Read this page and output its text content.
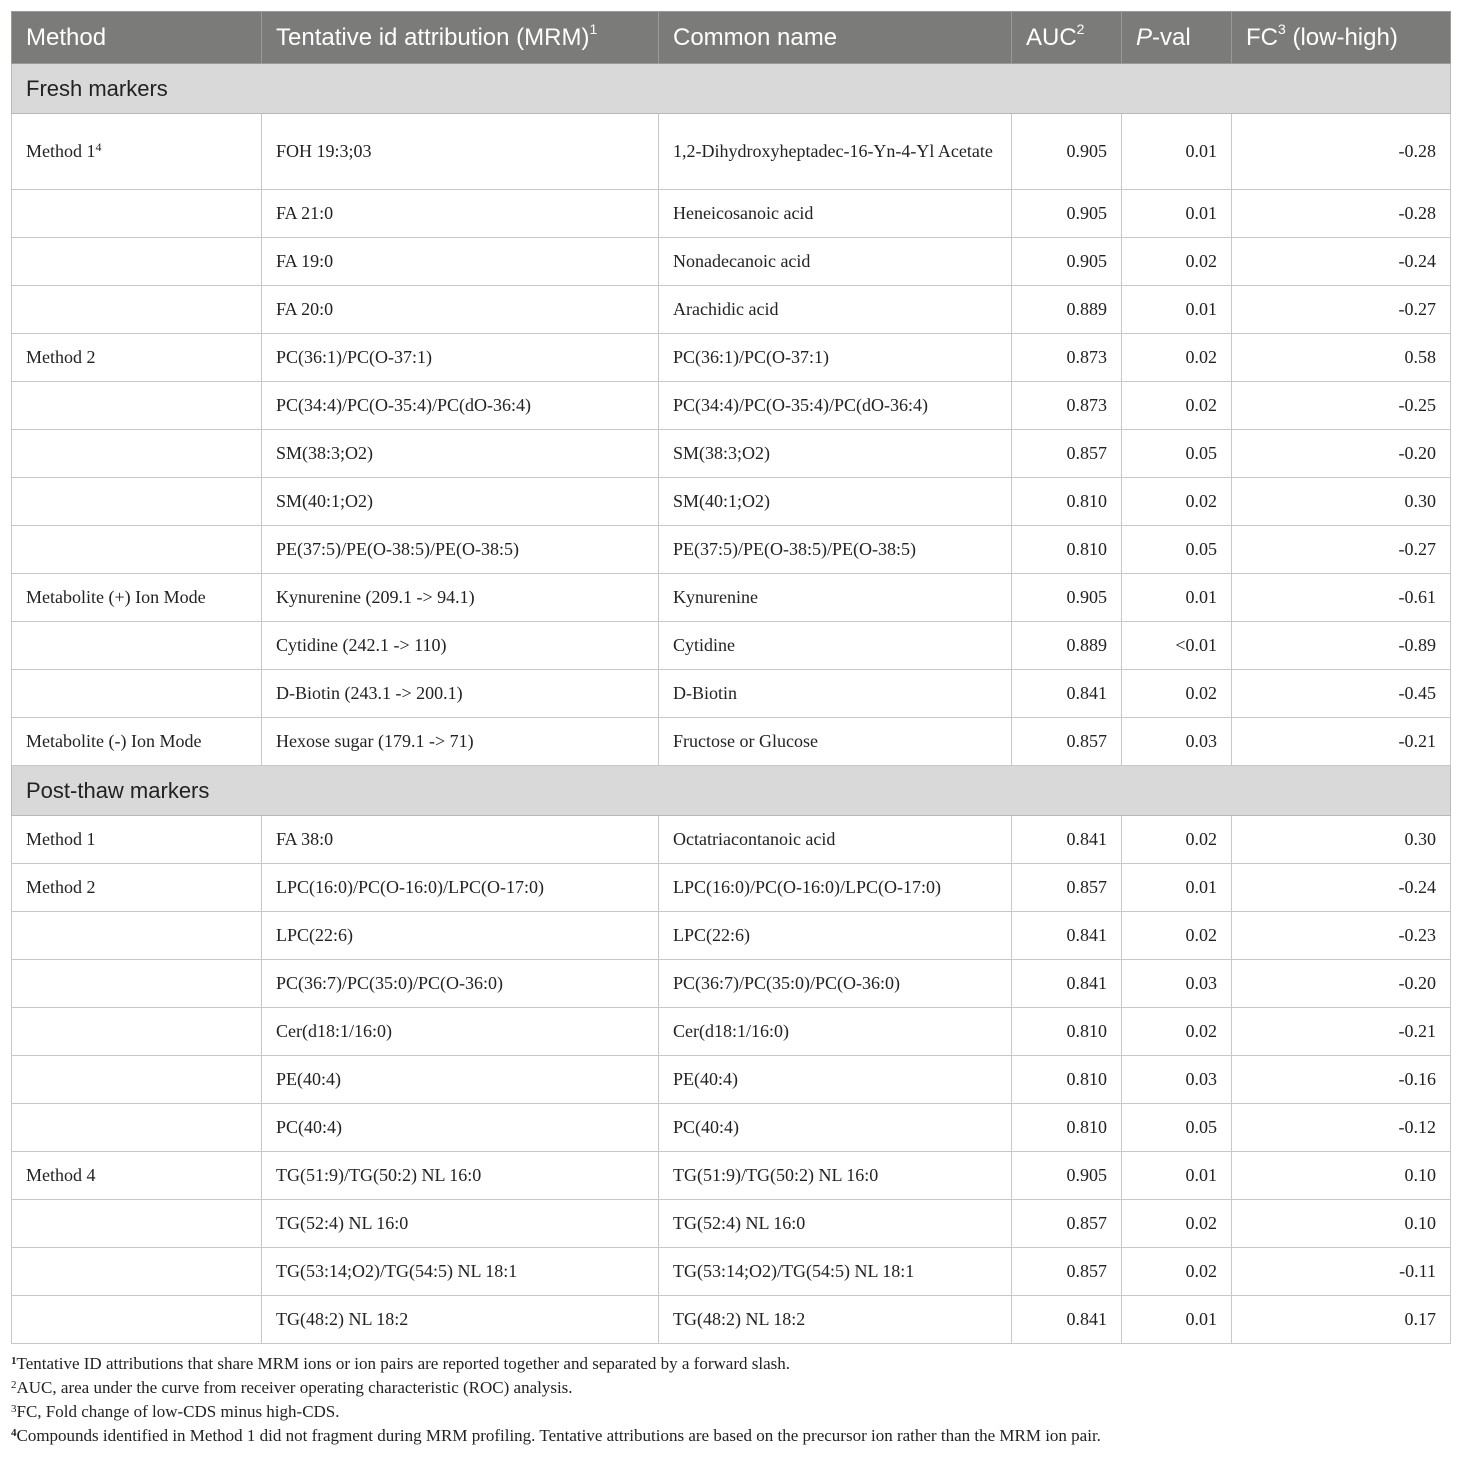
Method	Tentative id attribution (MRM)$^1$	Common name	AUC$^2$	P-val	$FC^3$ (low-high)
Fresh markers					
Method $1^4$	FOH 19:3;03	1,2-Dihydroxyheptadec-16-Yn-4-Yl Acetate	0.905	0.01	-0.28
	FA 21:0	Heneicosanoic acid	0.905	0.01	-0.28
	FA 19:0	Nonadecanoic acid	0.905	0.02	-0.24
	FA 20:0	Arachidic acid	0.889	0.01	-0.27
Method 2	PC(36:1)/PC(O-37:1)	PC(36:1)/PC(O-37:1)	0.873	0.02	0.58
	PC(34:4)/PC(O-35:4)/PC(dO-36:4)	PC(34:4)/PC(O-35:4)/PC(dO-36:4)	0.873	0.02	-0.25
	SM(38:3;O2)	SM(38:3;O2)	0.857	0.05	-0.20
	SM(40:1;O2)	SM(40:1;O2)	0.810	0.02	0.30
	PE(37:5)/PE(O-38:5)/PE(O-38:5)	PE(37:5)/PE(O-38:5)/PE(O-38:5)	0.810	0.05	-0.27
Metabolite (+) Ion Mode	Kynurenine (209.1 -> 94.1)	Kynurenine	0.905	0.01	-0.61
	Cytidine (242.1 -> 110)	Cytidine	0.889	<0.01	-0.89
	D-Biotin (243.1 -> 200.1)	D-Biotin	0.841	0.02	-0.45
Metabolite (-) Ion Mode	Hexose sugar (179.1 -> 71)	Fructose or Glucose	0.857	0.03	-0.21
Post-thaw markers					
Method 1	FA 38:0	Octatriacontanoic acid	0.841	0.02	0.30
Method 2	LPC(16:0)/PC(O-16:0)/LPC(O-17:0)	LPC(16:0)/PC(O-16:0)/LPC(O-17:0)	0.857	0.01	-0.24
	LPC(22:6)	LPC(22:6)	0.841	0.02	-0.23
	PC(36:7)/PC(35:0)/PC(O-36:0)	PC(36:7)/PC(35:0)/PC(O-36:0)	0.841	0.03	-0.20
	Cer(d18:1/16:0)	Cer(d18:1/16:0)	0.810	0.02	-0.21
	PE(40:4)	PE(40:4)	0.810	0.03	-0.16
	PC(40:4)	PC(40:4)	0.810	0.05	-0.12
Method 4	TG(51:9)/TG(50:2) NL 16:0	TG(51:9)/TG(50:2) NL 16:0	0.905	0.01	0.10
	TG(52:4) NL 16:0	TG(52:4) NL 16:0	0.857	0.02	0.10
	TG(53:14;O2)/TG(54:5) NL 18:1	TG(53:14;O2)/TG(54:5) NL 18:1	0.857	0.02	-0.11
	TG(48:2) NL 18:2	TG(48:2) NL 18:2	0.841	0.01	0.17
$^1$Tentative ID attributions that share MRM ions or ion pairs are reported together and separated by a forward slash.
$^2$AUC, area under the curve from receiver operating characteristic (ROC) analysis.
$^3$FC, Fold change of low-CDS minus high-CDS.
$^4$Compounds identified in Method 1 did not fragment during MRM profiling. Tentative attributions are based on the precursor ion rather than the MRM ion pair.
